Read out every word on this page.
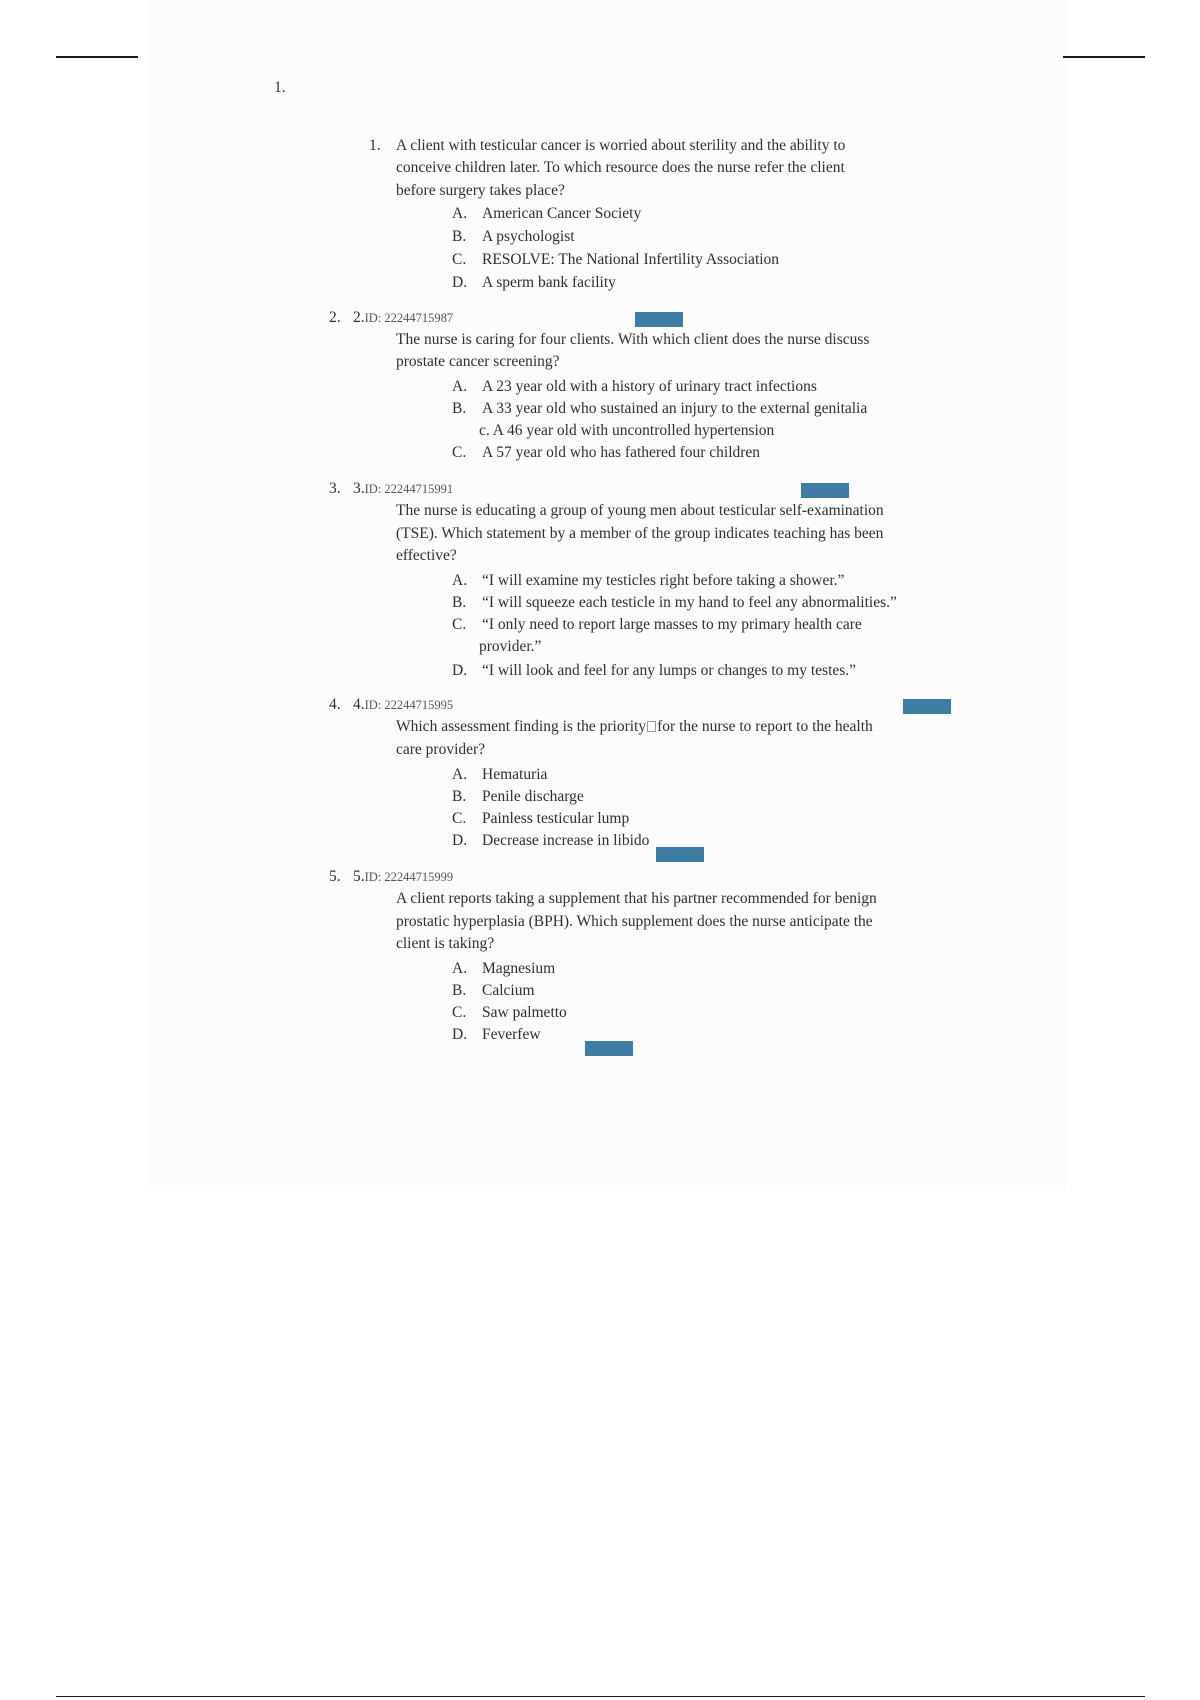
1.
1. A client with testicular cancer is worried about sterility and the ability to
conceive children later. To which resource does the nurse refer the client
before surgery takes place?
A. American Cancer Society
B. A psychologist
C. RESOLVE: The National Infertility Association
D. A sperm bank facility
2. 2.ID: 22244715987
The nurse is caring for four clients. With which client does the nurse discuss
prostate cancer screening?
A. A 23 year old with a history of urinary tract infections
B. A 33 year old who sustained an injury to the external genitalia
c. A 46 year old with uncontrolled hypertension
C. A 57 year old who has fathered four children
3. 3.ID: 22244715991
The nurse is educating a group of young men about testicular self-examination
(TSE). Which statement by a member of the group indicates teaching has been
effective?
A. “I will examine my testicles right before taking a shower.”
B. “I will squeeze each testicle in my hand to feel any abnormalities.”
C. “I only need to report large masses to my primary health care
provider.”
D. “I will look and feel for any lumps or changes to my testes.”
4. 4.ID: 22244715995
Which assessment finding is the priority for the nurse to report to the health
care provider?
A. Hematuria
B. Penile discharge
C. Painless testicular lump
D. Decrease increase in libido
5. 5.ID: 22244715999
A client reports taking a supplement that his partner recommended for benign
prostatic hyperplasia (BPH). Which supplement does the nurse anticipate the
client is taking?
A. Magnesium
B. Calcium
C. Saw palmetto
D. Feverfew
